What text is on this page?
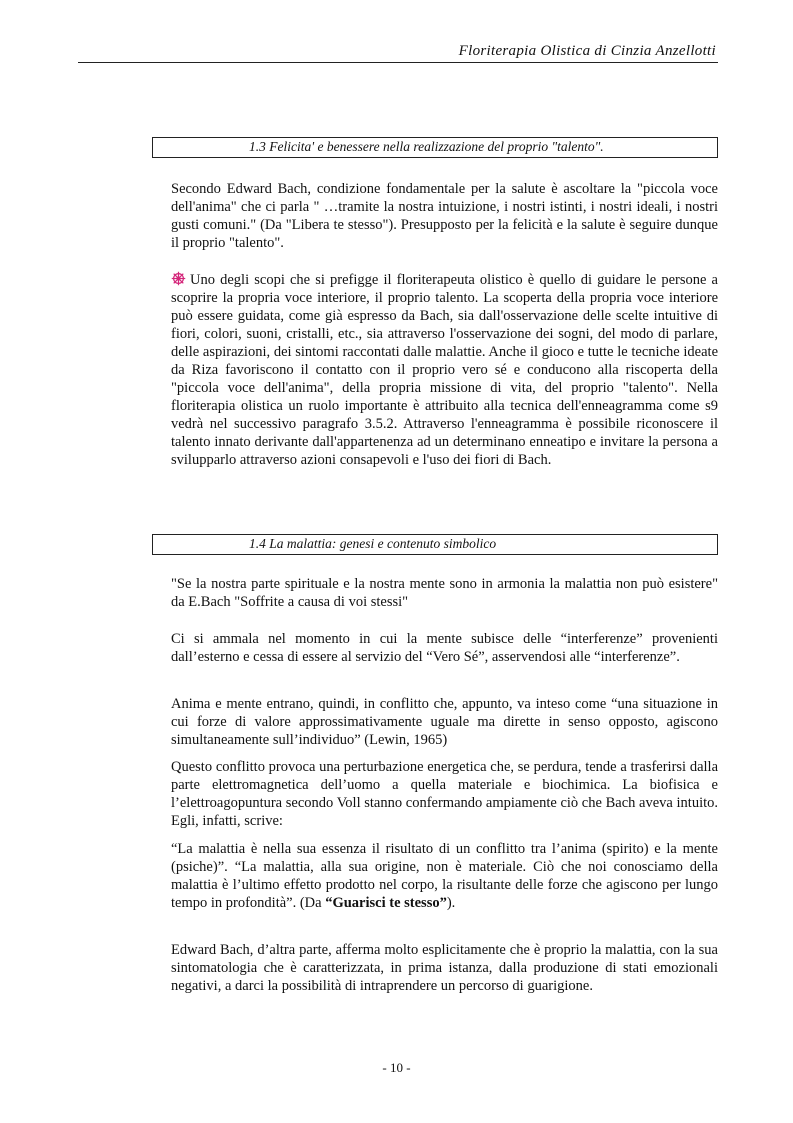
Floriterapia Olistica di Cinzia Anzellotti
1.3 Felicita' e benessere nella realizzazione del proprio "talento".

Secondo Edward Bach, condizione fondamentale per la salute è ascoltare la "piccola voce dell'anima" che ci parla " …tramite la nostra intuizione, i nostri istinti, i nostri ideali, i nostri gusti comuni." (Da "Libera te stesso"). Presupposto per la felicità e la salute è seguire dunque il proprio "talento".

Uno degli scopi che si prefigge il floriterapeuta olistico è quello di guidare le persone a scoprire la propria voce interiore, il proprio talento. La scoperta della propria voce interiore può essere guidata, come già espresso da Bach, sia dall'osservazione delle scelte intuitive di fiori, colori, suoni, cristalli, etc., sia attraverso l'osservazione dei sogni, del modo di parlare, delle aspirazioni, dei sintomi raccontati dalle malattie. Anche il gioco e tutte le tecniche ideate da Riza favoriscono il contatto con il proprio vero sé e conducono alla riscoperta della "piccola voce dell'anima", della propria missione di vita, del proprio "talento". Nella floriterapia olistica un ruolo importante è attribuito alla tecnica dell'enneagramma come s9 vedrà nel successivo paragrafo 3.5.2. Attraverso l'enneagramma è possibile riconoscere il talento innato derivante dall'appartenenza ad un determinano enneatipo e invitare la persona a svilupparlo attraverso azioni consapevoli e l'uso dei fiori di Bach.

1.4 La malattia: genesi e contenuto simbolico

"Se la nostra parte spirituale e la nostra mente sono in armonia la malattia non può esistere" da E.Bach "Soffrite a causa di voi stessi"

Ci si ammala nel momento in cui la mente subisce delle “interferenze” provenienti dall’esterno e cessa di essere al servizio del “Vero Sé”, asservendosi alle “interferenze”.

Anima e mente entrano, quindi, in conflitto che, appunto, va inteso come “una situazione in cui forze di valore approssimativamente uguale ma dirette in senso opposto, agiscono simultaneamente sull’individuo” (Lewin, 1965)

Questo conflitto provoca una perturbazione energetica che, se perdura, tende a trasferirsi dalla parte elettromagnetica dell’uomo a quella materiale e biochimica. La biofisica e l’elettroagopuntura secondo Voll stanno confermando ampiamente ciò che Bach aveva intuito. Egli, infatti, scrive:

“La malattia è nella sua essenza il risultato di un conflitto tra l’anima (spirito) e la mente (psiche)”. “La malattia, alla sua origine, non è materiale. Ciò che noi conosciamo della malattia è l’ultimo effetto prodotto nel corpo, la risultante delle forze che agiscono per lungo tempo in profondità”. (Da “Guarisci te stesso”).

Edward Bach, d’altra parte, afferma molto esplicitamente che è proprio la malattia, con la sua sintomatologia che è caratterizzata, in prima istanza, dalla produzione di stati emozionali negativi, a darci la possibilità di intraprendere un percorso di guarigione.

- 10 -
